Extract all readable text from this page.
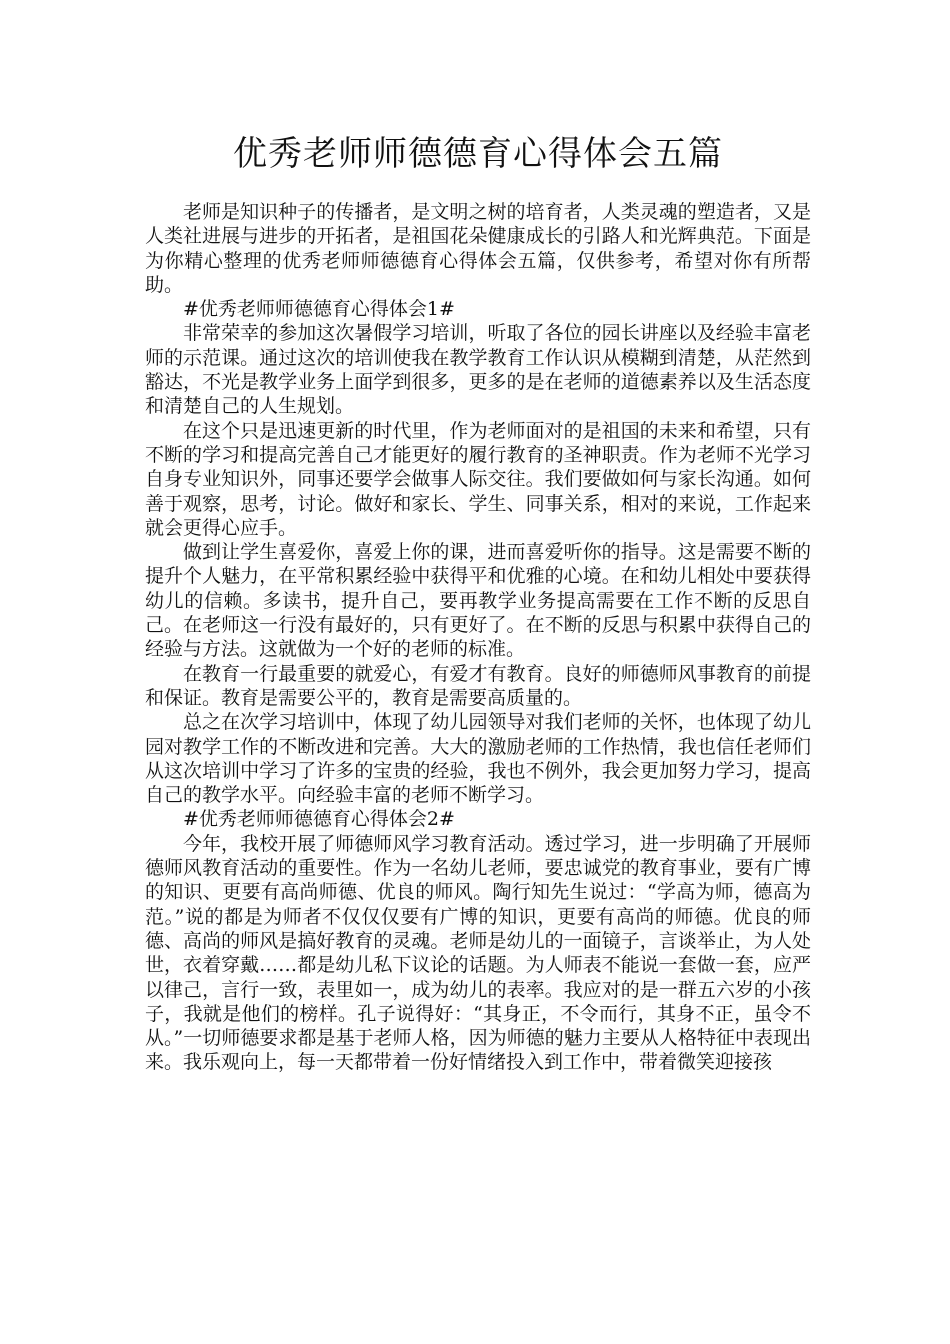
优秀老师师德德育心得体会五篇

老师是知识种子的传播者，是文明之树的培育者，人类灵魂的塑造者，又是人类社进展与进步的开拓者，是祖国花朵健康成长的引路人和光辉典范。下面是为你精心整理的优秀老师师德德育心得体会五篇，仅供参考，希望对你有所帮助。

#优秀老师师德德育心得体会1#

非常荣幸的参加这次暑假学习培训，听取了各位的园长讲座以及经验丰富老师的示范课。通过这次的培训使我在教学教育工作认识从模糊到清楚，从茫然到豁达，不光是教学业务上面学到很多，更多的是在老师的道德素养以及生活态度和清楚自己的人生规划。

在这个只是迅速更新的时代里，作为老师面对的是祖国的未来和希望，只有不断的学习和提高完善自己才能更好的履行教育的圣神职责。作为老师不光学习自身专业知识外，同事还要学会做事人际交往。我们要做如何与家长沟通。如何善于观察，思考，讨论。做好和家长、学生、同事关系，相对的来说，工作起来就会更得心应手。

做到让学生喜爱你，喜爱上你的课，进而喜爱听你的指导。这是需要不断的提升个人魅力，在平常积累经验中获得平和优雅的心境。在和幼儿相处中要获得幼儿的信赖。多读书，提升自己，要再教学业务提高需要在工作不断的反思自己。在老师这一行没有最好的，只有更好了。在不断的反思与积累中获得自己的经验与方法。这就做为一个好的老师的标准。

在教育一行最重要的就爱心，有爱才有教育。良好的师德师风事教育的前提和保证。教育是需要公平的，教育是需要高质量的。

总之在次学习培训中，体现了幼儿园领导对我们老师的关怀，也体现了幼儿园对教学工作的不断改进和完善。大大的激励老师的工作热情，我也信任老师们从这次培训中学习了许多的宝贵的经验，我也不例外，我会更加努力学习，提高自己的教学水平。向经验丰富的老师不断学习。

#优秀老师师德德育心得体会2#

今年，我校开展了师德师风学习教育活动。透过学习，进一步明确了开展师德师风教育活动的重要性。作为一名幼儿老师，要忠诚党的教育事业，要有广博的知识、更要有高尚师德、优良的师风。陶行知先生说过：“学高为师，德高为范。”说的都是为师者不仅仅仅要有广博的知识，更要有高尚的师德。优良的师德、高尚的师风是搞好教育的灵魂。老师是幼儿的一面镜子，言谈举止，为人处世，衣着穿戴……都是幼儿私下议论的话题。为人师表不能说一套做一套，应严以律己，言行一致，表里如一，成为幼儿的表率。我应对的是一群五六岁的小孩子，我就是他们的榜样。孔子说得好：“其身正，不令而行，其身不正，虽令不从。”一切师德要求都是基于老师人格，因为师德的魅力主要从人格特征中表现出来。我乐观向上，每一天都带着一份好情绪投入到工作中，带着微笑迎接孩
